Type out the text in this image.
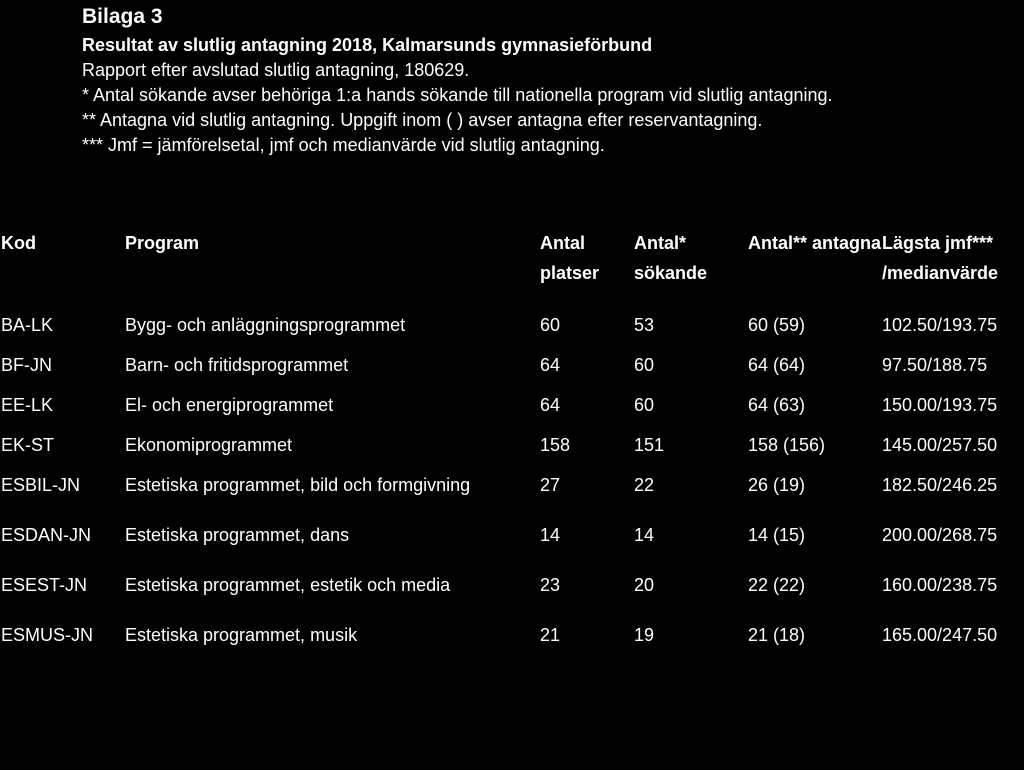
Bilaga 3

Resultat av slutlig antagning 2018, Kalmarsunds gymnasieförbund

Rapport efter avslutad slutlig antagning, 180629.

* Antal sökande avser behöriga 1:a hands sökande till nationella program vid slutlig antagning.

** Antagna vid slutlig antagning. Uppgift inom ( ) avser antagna efter reservantagning.

*** Jmf = jämförelsetal, jmf och medianvärde vid slutlig antagning.

Kod	Program	Antal platser	Antal* sökande	Antal** antagna	Lägsta jmf*** /medianvärde
BA-LK	Bygg- och anläggningsprogrammet	60	53	60 (59)	102.50/193.75
BF-JN	Barn- och fritidsprogrammet	64	60	64 (64)	97.50/188.75
EE-LK	El- och energiprogrammet	64	60	64 (63)	150.00/193.75
EK-ST	Ekonomiprogrammet	158	151	158 (156)	145.00/257.50
ESBIL-JN	Estetiska programmet, bild och formgivning	27	22	26 (19)	182.50/246.25
ESDAN-JN	Estetiska programmet, dans	14	14	14 (15)	200.00/268.75
ESEST-JN	Estetiska programmet, estetik och media	23	20	22 (22)	160.00/238.75
ESMUS-JN	Estetiska programmet, musik	21	19	21 (18)	165.00/247.50
